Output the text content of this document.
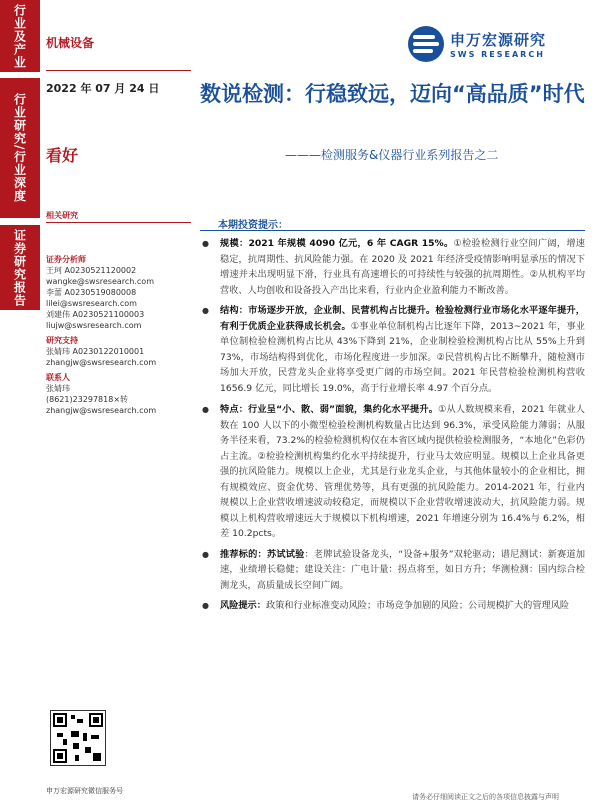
行业及产业
行业研究/行业深度
证券研究报告
机械设备	申万宏源研究
SWS RESEARCH
2022 年 07 月 24 日
看好
相关研究
证券分析师
王珂 A0230521120002
wangke@swsresearch.com
李蕾 A0230519080008
lilei@swsresearch.com
刘建伟 A0230521100003
liujw@swsresearch.com
研究支持
张婧玮 A0230122010001
zhangjw@swsresearch.com
联系人
张婧玮
(8621)23297818×转
zhangjw@swsresearch.com
申万宏源研究微信服务号
数说检测：行稳致远，迈向“高品质”时代
———检测服务&仪器行业系列报告之二
本期投资提示：
● 规模：2021 年规模 4090 亿元，6 年 CAGR 15%。①检验检测行业空间广阔，增速稳定，抗周期性、抗风险能力强。在 2020 及 2021 年经济受疫情影响明显承压的情况下增速并未出现明显下滑，行业具有高速增长的可持续性与较强的抗周期性。②从机构平均营收、人均创收和设备投入产出比来看，行业内企业盈利能力不断改善。
● 结构：市场逐步开放，企业制、民营机构占比提升。检验检测行业市场化水平逐年提升，有利于优质企业获得成长机会。①事业单位制机构占比逐年下降，2013~2021 年，事业单位制检验检测机构占比从 43%下降到 21%，企业制检验检测机构占比从 55%上升到 73%，市场结构得到优化，市场化程度进一步加深。②民营机构占比不断攀升，随检测市场加大开放，民营龙头企业将享受更广阔的市场空间。2021 年民营检验检测机构营收 1656.9 亿元，同比增长 19.0%，高于行业增长率 4.97 个百分点。
● 特点：行业呈“小、散、弱”面貌，集约化水平提升。①从人数规模来看，2021 年就业人数在 100 人以下的小微型检验检测机构数量占比达到 96.3%，承受风险能力薄弱；从服务半径来看，73.2%的检验检测机构仅在本省区域内提供检验检测服务，“本地化”色彩仍占主流。②检验检测机构集约化水平持续提升，行业马太效应明显。规模以上企业具备更强的抗风险能力。规模以上企业，尤其是行业龙头企业，与其他体量较小的企业相比，拥有规模效应、资金优势、管理优势等，具有更强的抗风险能力。2014-2021 年，行业内规模以上企业营收增速波动较稳定，而规模以下企业营收增速波动大，抗风险能力弱。规模以上机构营收增速远大于规模以下机构增速，2021 年增速分别为 16.4%与 6.2%，相差 10.2pcts。
● 推荐标的：苏试试验：老牌试验设备龙头，“设备+服务”双轮驱动；谱尼测试：新赛道加速，业绩增长稳健；建设关注：广电计量：拐点将至，如日方升；华测检测：国内综合检测龙头，高质量成长空间广阔。
● 风险提示：政策和行业标准变动风险；市场竞争加剧的风险；公司规模扩大的管理风险
请务必仔细阅读正文之后的各项信息披露与声明
